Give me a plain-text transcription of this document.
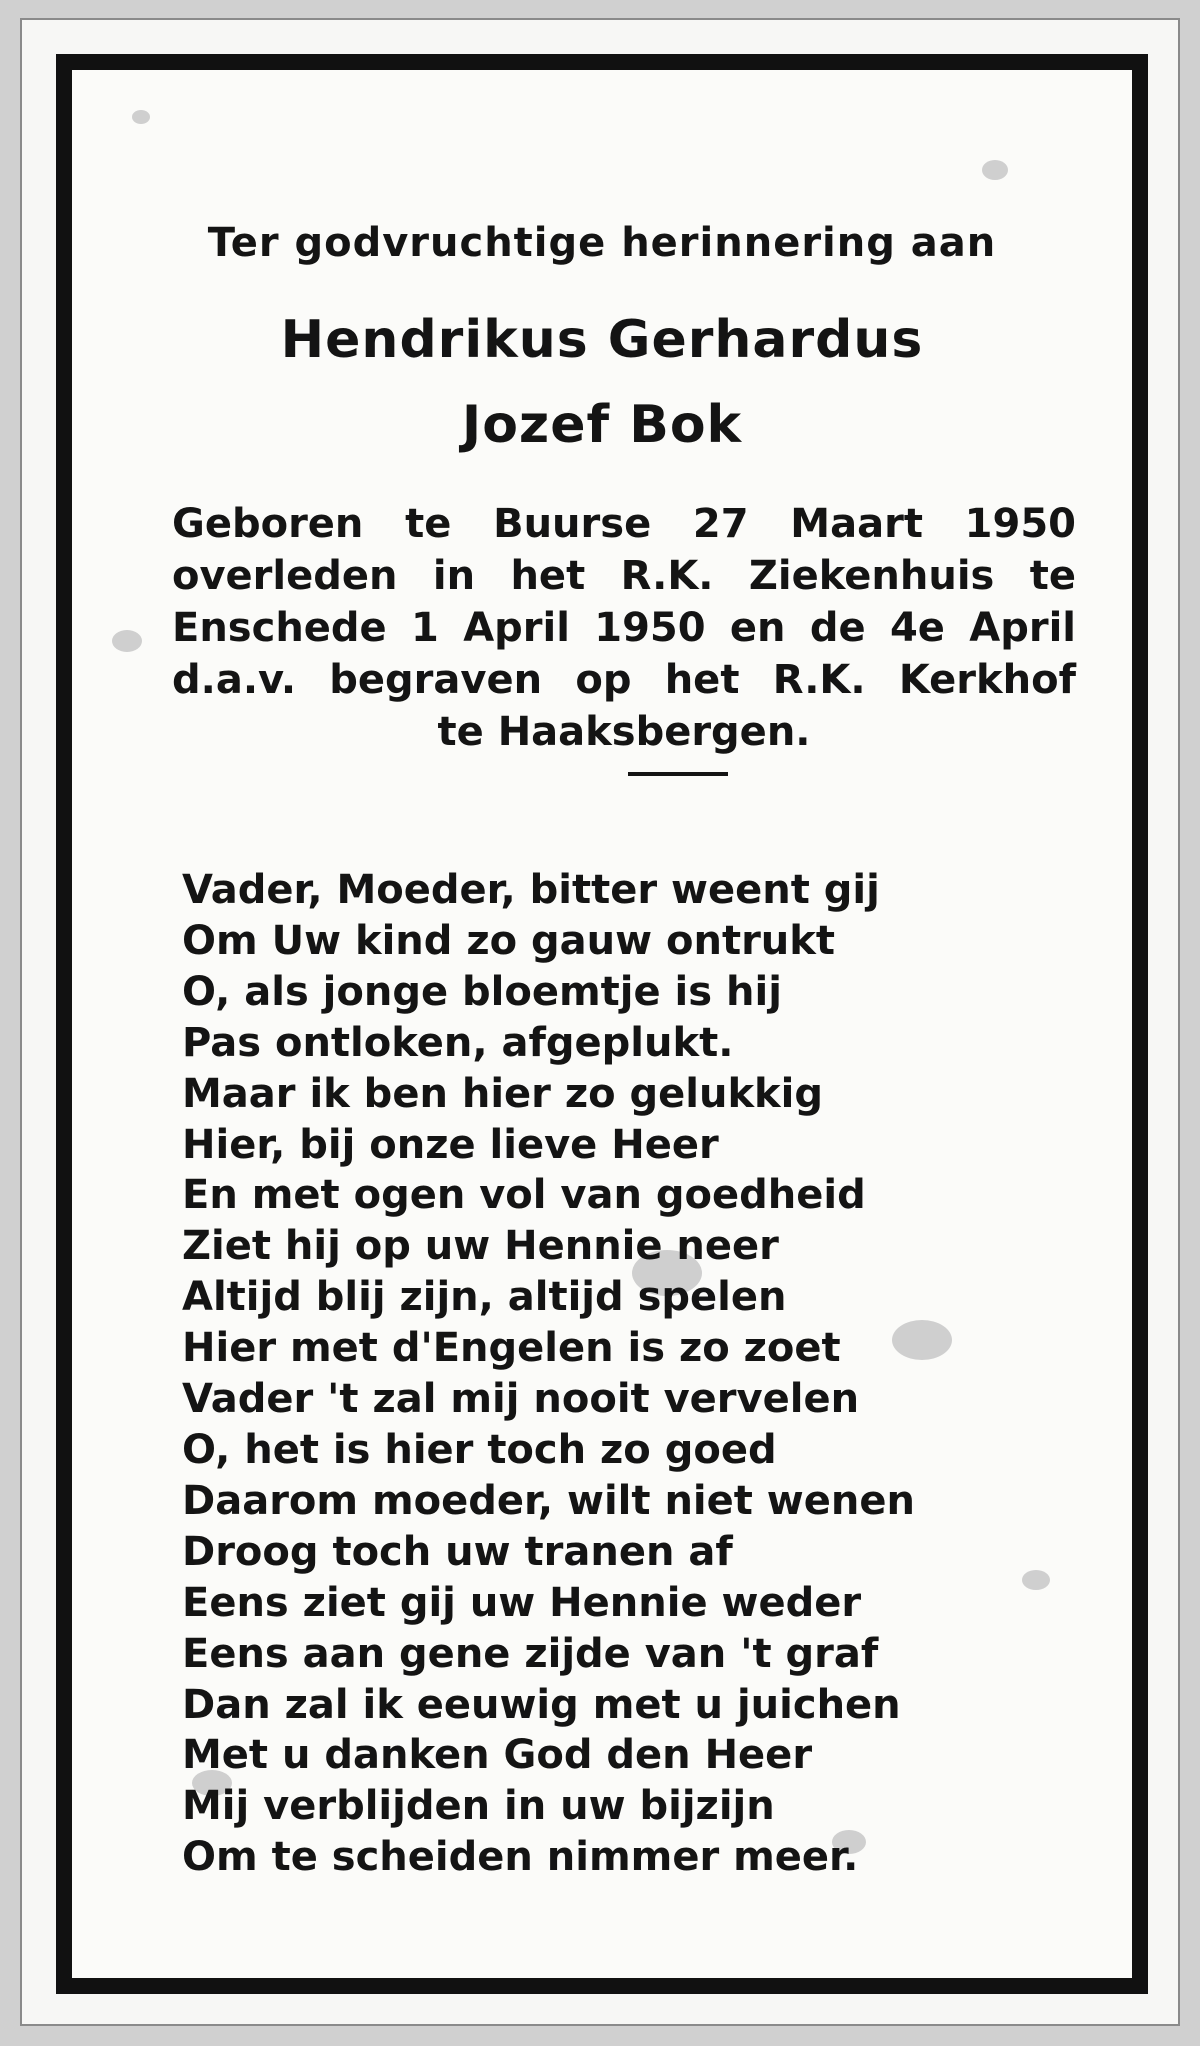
Ter godvruchtige herinnering aan
Hendrikus Gerhardus
Jozef Bok
Geboren te Buurse 27 Maart 1950
overleden in het R.K. Ziekenhuis te
Enschede 1 April 1950 en de 4e April
d.a.v. begraven op het R.K. Kerkhof
te Haaksbergen.
Vader, Moeder, bitter weent gij
Om Uw kind zo gauw ontrukt
O, als jonge bloemtje is hij
Pas ontloken, afgeplukt.
Maar ik ben hier zo gelukkig
Hier, bij onze lieve Heer
En met ogen vol van goedheid
Ziet hij op uw Hennie neer
Altijd blij zijn, altijd spelen
Hier met d'Engelen is zo zoet
Vader 't zal mij nooit vervelen
O, het is hier toch zo goed
Daarom moeder, wilt niet wenen
Droog toch uw tranen af
Eens ziet gij uw Hennie weder
Eens aan gene zijde van 't graf
Dan zal ik eeuwig met u juichen
Met u danken God den Heer
Mij verblijden in uw bijzijn
Om te scheiden nimmer meer.
